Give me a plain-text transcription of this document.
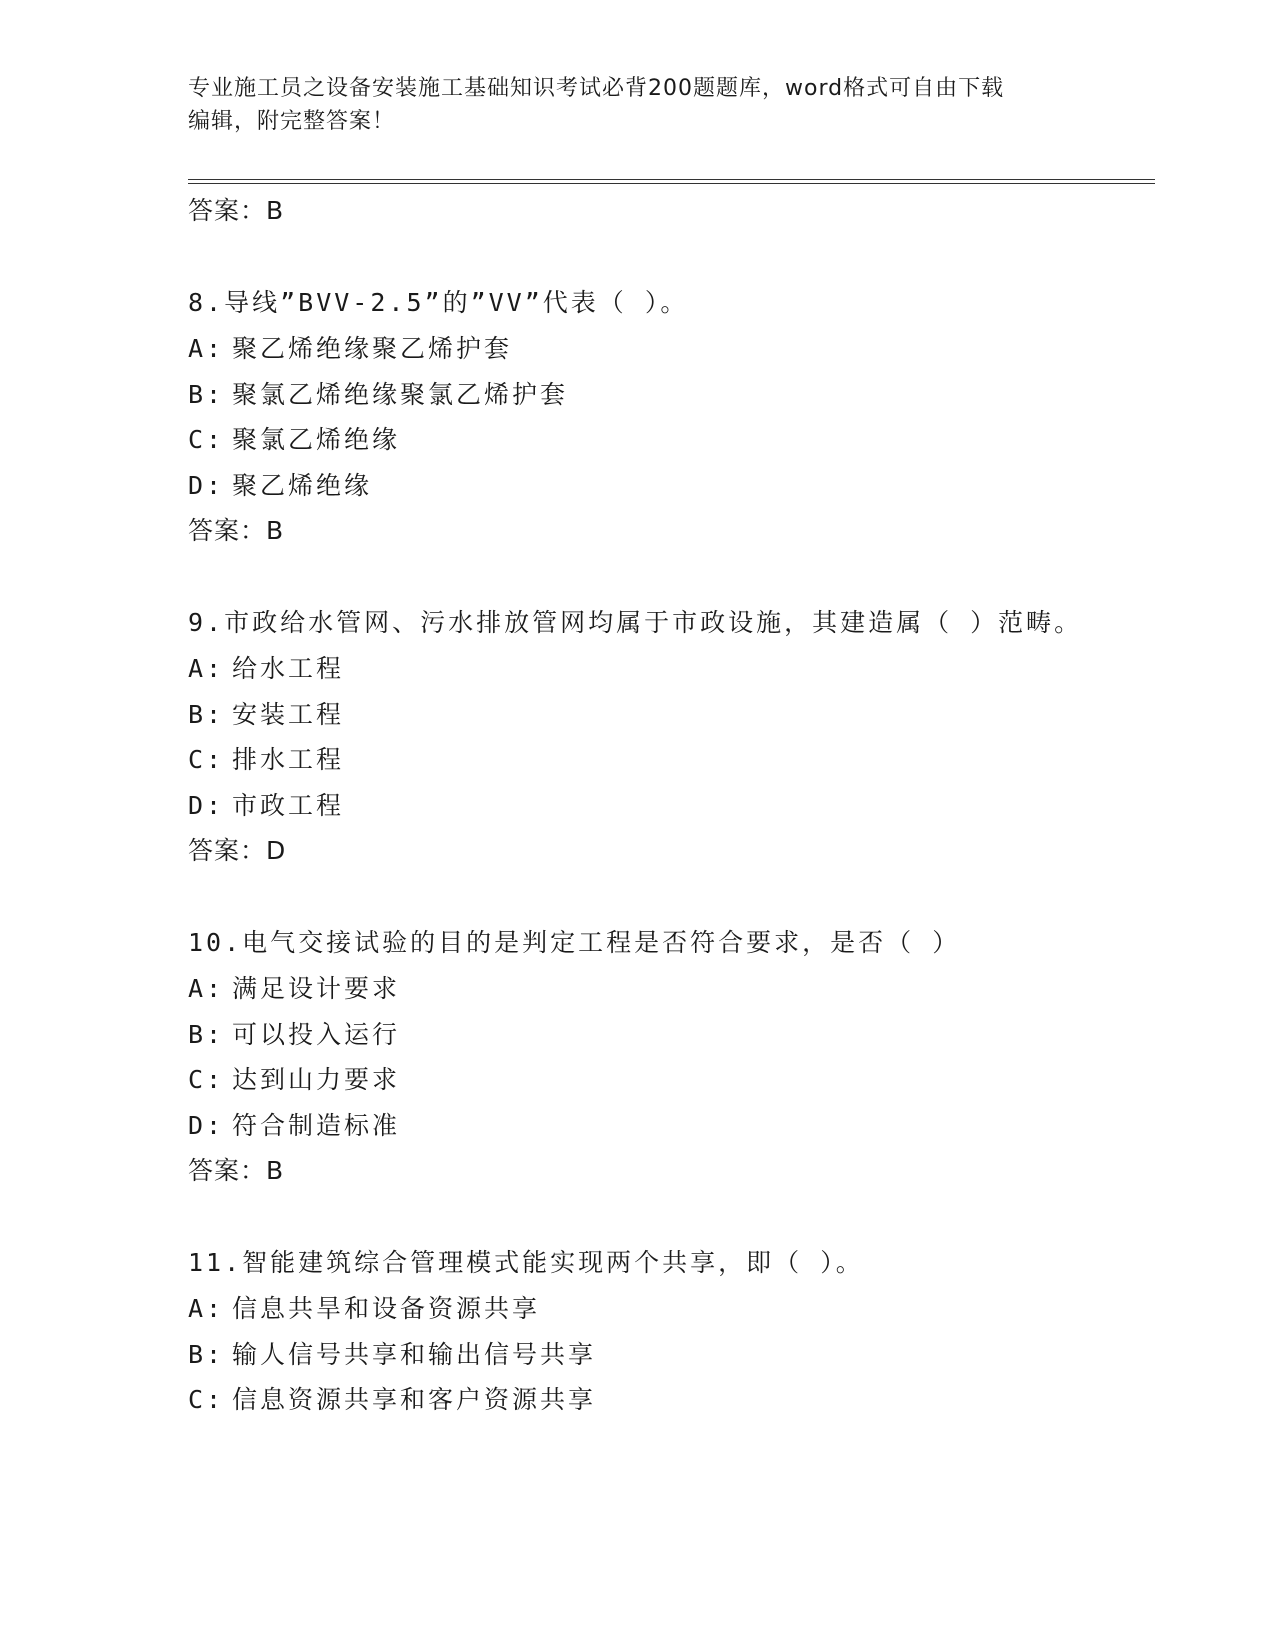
专业施工员之设备安装施工基础知识考试必背200题题库，word格式可自由下载
编辑，附完整答案！
答案：B
8.导线”BVV-2.5”的”VV”代表（ ）。
A: 聚乙烯绝缘聚乙烯护套
B: 聚氯乙烯绝缘聚氯乙烯护套
C: 聚氯乙烯绝缘
D: 聚乙烯绝缘
答案：B
9.市政给水管网、污水排放管网均属于市政设施，其建造属（ ）范畴。
A: 给水工程
B: 安装工程
C: 排水工程
D: 市政工程
答案：D
10.电气交接试验的目的是判定工程是否符合要求，是否（ ）
A: 满足设计要求
B: 可以投入运行
C: 达到山力要求
D: 符合制造标准
答案：B
11.智能建筑综合管理模式能实现两个共享，即（ ）。
A: 信息共旱和设备资源共享
B: 输人信号共享和输出信号共享
C: 信息资源共享和客户资源共享
